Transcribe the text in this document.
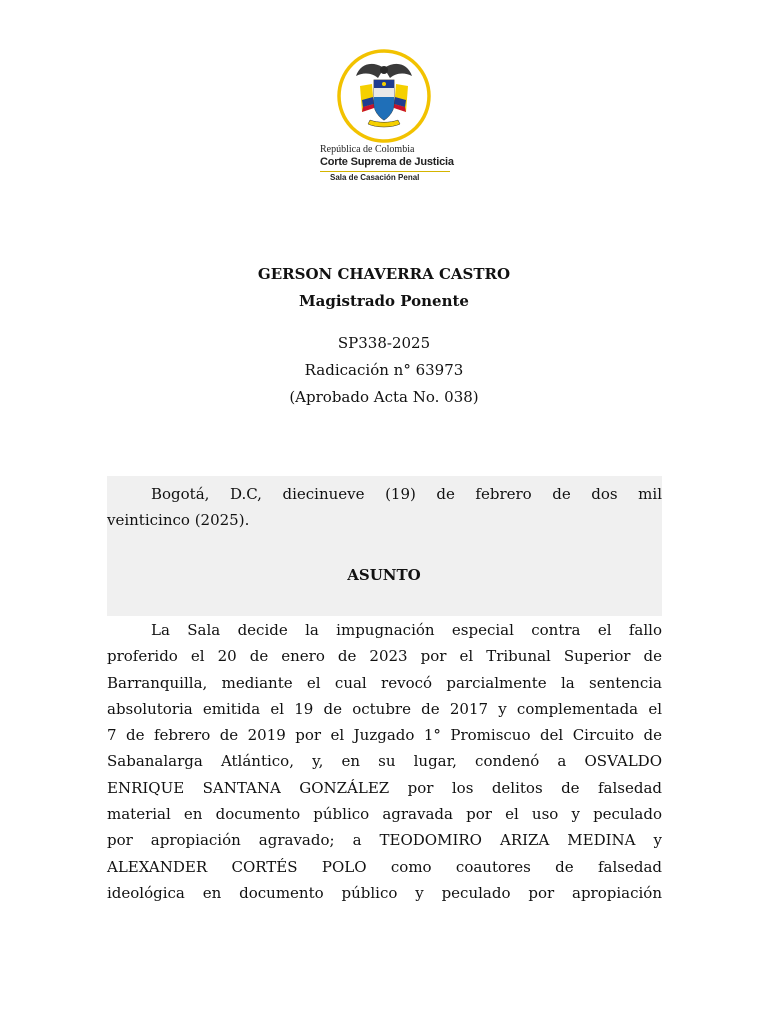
República de Colombia
Corte Suprema de Justicia
Sala de Casación Penal
GERSON CHAVERRA CASTRO
Magistrado Ponente
SP338-2025
Radicación n° 63973
(Aprobado Acta No. 038)
Bogotá, D.C, diecinueve (19) de febrero de dos mil
veinticinco (2025).
ASUNTO
La Sala decide la impugnación especial contra el fallo
proferido el 20 de enero de 2023 por el Tribunal Superior de
Barranquilla, mediante el cual revocó parcialmente la sentencia
absolutoria emitida el 19 de octubre de 2017 y complementada el
7 de febrero de 2019 por el Juzgado 1° Promiscuo del Circuito de
Sabanalarga Atlántico, y, en su lugar, condenó a OSVALDO
ENRIQUE SANTANA GONZÁLEZ por los delitos de falsedad
material en documento público agravada por el uso y peculado
por apropiación agravado; a TEODOMIRO ARIZA MEDINA y
ALEXANDER CORTÉS POLO como coautores de falsedad
ideológica en documento público y peculado por apropiación
